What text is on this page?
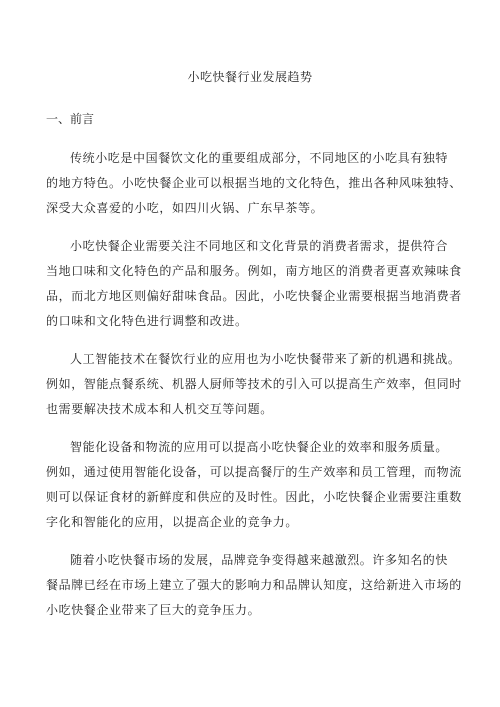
小吃快餐行业发展趋势
一、前言
传统小吃是中国餐饮文化的重要组成部分，不同地区的小吃具有独特
的地方特色。小吃快餐企业可以根据当地的文化特色，推出各种风味独特、
深受大众喜爱的小吃，如四川火锅、广东早茶等。
小吃快餐企业需要关注不同地区和文化背景的消费者需求，提供符合
当地口味和文化特色的产品和服务。例如，南方地区的消费者更喜欢辣味食
品，而北方地区则偏好甜味食品。因此，小吃快餐企业需要根据当地消费者
的口味和文化特色进行调整和改进。
人工智能技术在餐饮行业的应用也为小吃快餐带来了新的机遇和挑战。
例如，智能点餐系统、机器人厨师等技术的引入可以提高生产效率，但同时
也需要解决技术成本和人机交互等问题。
智能化设备和物流的应用可以提高小吃快餐企业的效率和服务质量。
例如，通过使用智能化设备，可以提高餐厅的生产效率和员工管理，而物流
则可以保证食材的新鲜度和供应的及时性。因此，小吃快餐企业需要注重数
字化和智能化的应用，以提高企业的竞争力。
随着小吃快餐市场的发展，品牌竞争变得越来越激烈。许多知名的快
餐品牌已经在市场上建立了强大的影响力和品牌认知度，这给新进入市场的
小吃快餐企业带来了巨大的竞争压力。
